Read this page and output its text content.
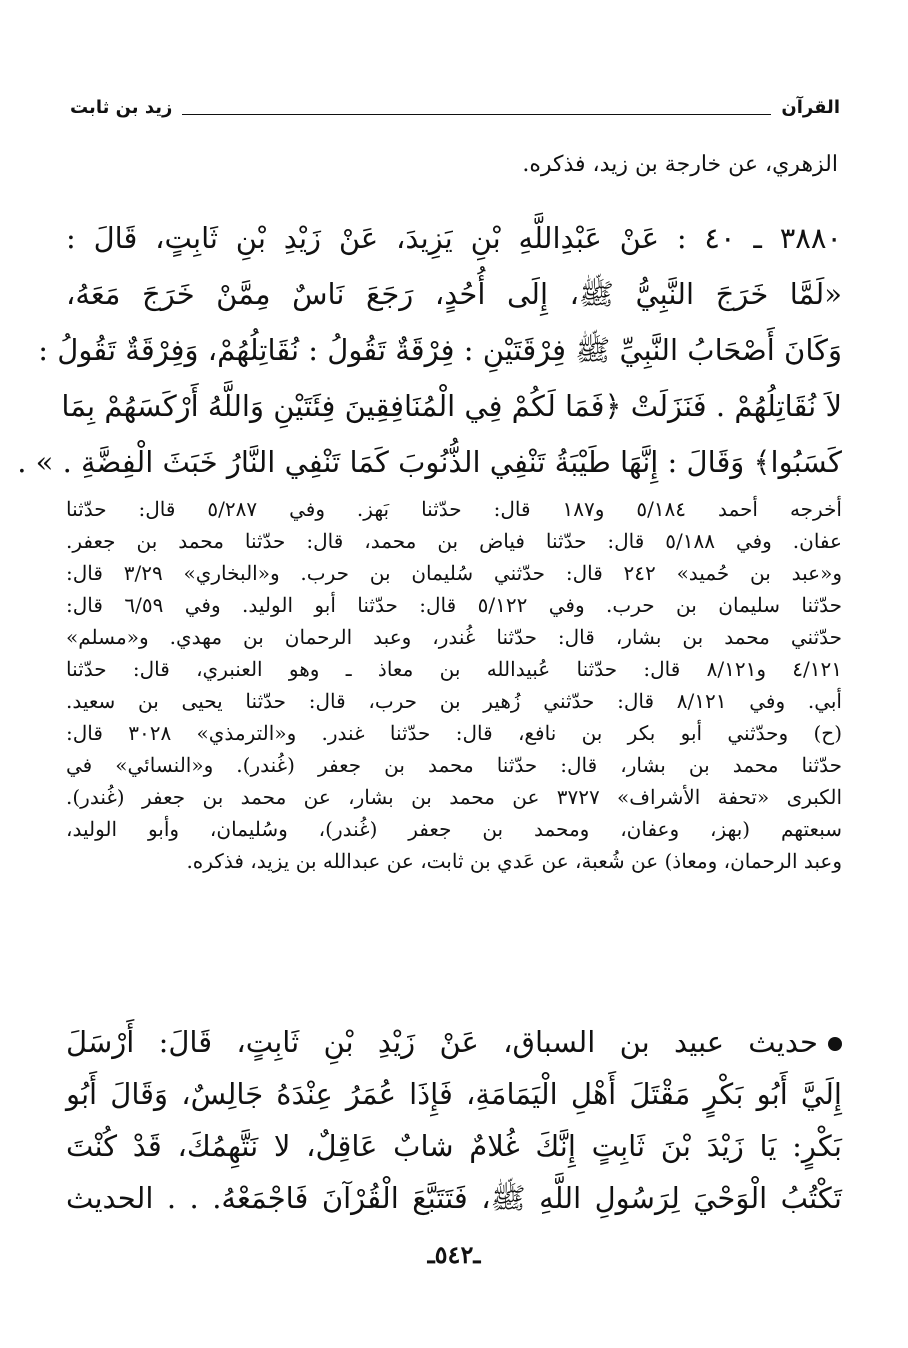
القرآن
زيد بن ثابت
الزهري، عن خارجة بن زيد، فذكره.
٣٨٨٠ ـ ٤٠ : عَنْ عَبْدِاللَّهِ بْنِ يَزِيدَ، عَنْ زَيْدِ بْنِ ثَابِتٍ، قَالَ :
«لَمَّا خَرَجَ النَّبِيُّ ﷺ، إِلَى أُحُدٍ، رَجَعَ نَاسٌ مِمَّنْ خَرَجَ مَعَهُ،
وَكَانَ أَصْحَابُ النَّبِيِّ ﷺ فِرْقَتَيْنِ : فِرْقَةٌ تَقُولُ : نُقَاتِلُهُمْ، وَفِرْقَةٌ تَقُولُ :
لاَ نُقَاتِلُهُمْ . فَنَزَلَتْ ﴿فَمَا لَكُمْ فِي الْمُنَافِقِينَ فِئَتَيْنِ وَاللَّهُ أَرْكَسَهُمْ بِمَا
كَسَبُوا﴾ وَقَالَ : إِنَّهَا طَيْبَةُ تَنْفِي الذُّنُوبَ كَمَا تَنْفِي النَّارُ خَبَثَ الْفِضَّةِ . » .
أخرجه أحمد ٥/١٨٤ و١٨٧ قال: حدّثنا بَهز. وفي ٥/٢٨٧ قال: حدّثنا
عفان. وفي ٥/١٨٨ قال: حدّثنا فياض بن محمد، قال: حدّثنا محمد بن جعفر.
و«عبد بن حُميد» ٢٤٢ قال: حدّثني سُليمان بن حرب. و«البخاري» ٣/٢٩ قال:
حدّثنا سليمان بن حرب. وفي ٥/١٢٢ قال: حدّثنا أبو الوليد. وفي ٦/٥٩ قال:
حدّثني محمد بن بشار، قال: حدّثنا غُندر، وعبد الرحمان بن مهدي. و«مسلم»
٤/١٢١ و٨/١٢١ قال: حدّثنا عُبيدالله بن معاذ ـ وهو العنبري، قال: حدّثنا
أبي. وفي ٨/١٢١ قال: حدّثني زُهير بن حرب، قال: حدّثنا يحيى بن سعيد.
(ح) وحدّثني أبو بكر بن نافع، قال: حدّثنا غندر. و«الترمذي» ٣٠٢٨ قال:
حدّثنا محمد بن بشار، قال: حدّثنا محمد بن جعفر (غُندر). و«النسائي» في
الكبرى «تحفة الأشراف» ٣٧٢٧ عن محمد بن بشار، عن محمد بن جعفر (غُندر).
سبعتهم (بهز، وعفان، ومحمد بن جعفر (غُندر)، وسُليمان، وأبو الوليد،
وعبد الرحمان، ومعاذ) عن شُعبة، عن عَدي بن ثابت، عن عبدالله بن يزيد، فذكره.
حديث عبيد بن السباق، عَنْ زَيْدِ بْنِ ثَابِتٍ، قَالَ: أَرْسَلَ
إِلَيَّ أَبُو بَكْرٍ مَقْتَلَ أَهْلِ الْيَمَامَةِ، فَإِذَا عُمَرُ عِنْدَهُ جَالِسٌ، وَقَالَ أَبُو
بَكْرٍ: يَا زَيْدَ بْنَ ثَابِتٍ إِنَّكَ غُلامٌ شابٌ عَاقِلٌ، لا نَتَّهِمُكَ، قَدْ كُنْتَ
تَكْتُبُ الْوَحْيَ لِرَسُولِ اللَّهِ ﷺ، فَتَتَبَّعَ الْقُرْآنَ فَاجْمَعْهُ. . . الحديث
ـ٥٤٢ـ
